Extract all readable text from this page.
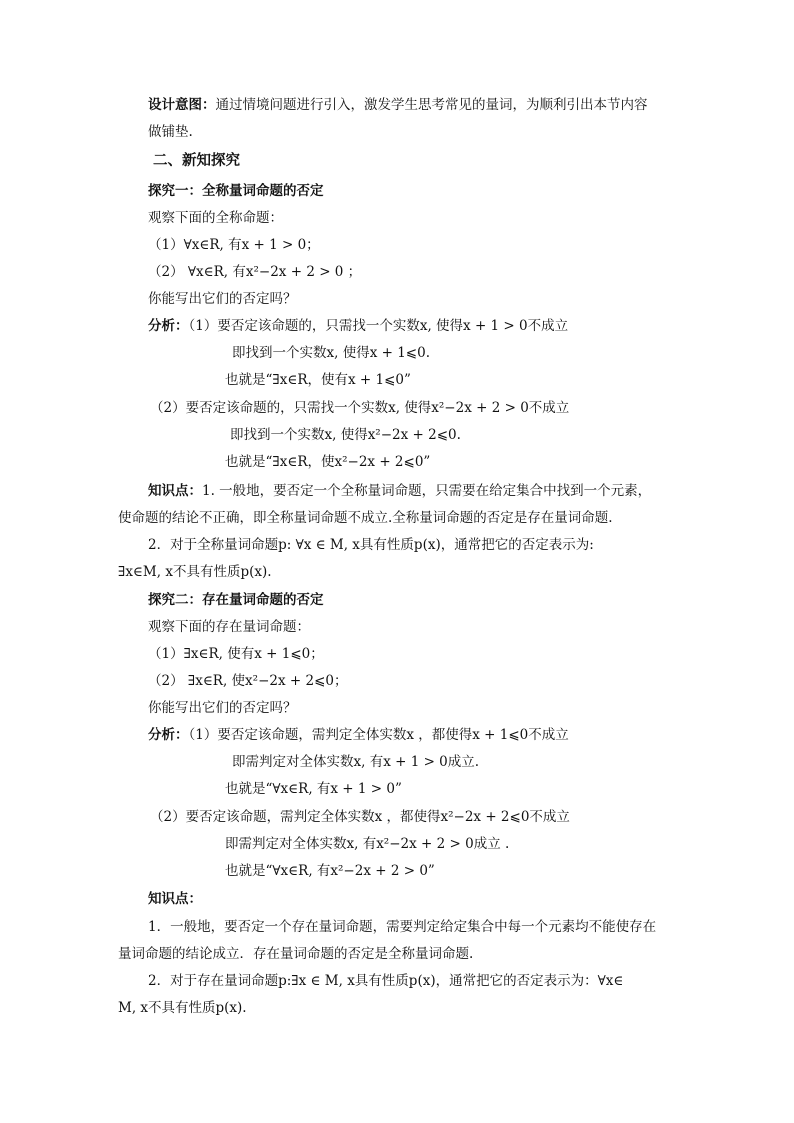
设计意图：通过情境问题进行引入，激发学生思考常见的量词，为顺利引出本节内容
做铺垫.
二、新知探究
探究一：全称量词命题的否定
观察下面的全称命题：
（1）∀x∈R, 有x + 1 > 0；
（2） ∀x∈R, 有x²−2x + 2 > 0 ；
你能写出它们的否定吗？
分析：（1）要否定该命题的，只需找一个实数x, 使得x + 1 > 0不成立
即找到一个实数x, 使得x + 1⩽0.
也就是“∃x∈R，使有x + 1⩽0”
（2）要否定该命题的，只需找一个实数x, 使得x²−2x + 2 > 0不成立
即找到一个实数x, 使得x²−2x + 2⩽0.
也就是“∃x∈R，使x²−2x + 2⩽0”
知识点：1. 一般地，要否定一个全称量词命题，只需要在给定集合中找到一个元素，
使命题的结论不正确，即全称量词命题不成立.全称量词命题的否定是存在量词命题.
2．对于全称量词命题p: ∀x ∈ M, x具有性质p(x)，通常把它的否定表示为:
∃x∈M, x不具有性质p(x).
探究二：存在量词命题的否定
观察下面的存在量词命题：
（1）∃x∈R, 使有x + 1⩽0；
（2） ∃x∈R, 使x²−2x + 2⩽0；
你能写出它们的否定吗？
分析：（1）要否定该命题，需判定全体实数x ，都使得x + 1⩽0不成立
即需判定对全体实数x, 有x + 1 > 0成立.
也就是“∀x∈R, 有x + 1 > 0”
（2）要否定该命题，需判定全体实数x ，都使得x²−2x + 2⩽0不成立
即需判定对全体实数x, 有x²−2x + 2 > 0成立 .
也就是“∀x∈R, 有x²−2x + 2 > 0”
知识点：
1．一般地，要否定一个存在量词命题，需要判定给定集合中每一个元素均不能使存在
量词命题的结论成立．存在量词命题的否定是全称量词命题.
2．对于存在量词命题p:∃x ∈ M, x具有性质p(x)，通常把它的否定表示为：∀x∈
M, x不具有性质p(x).
